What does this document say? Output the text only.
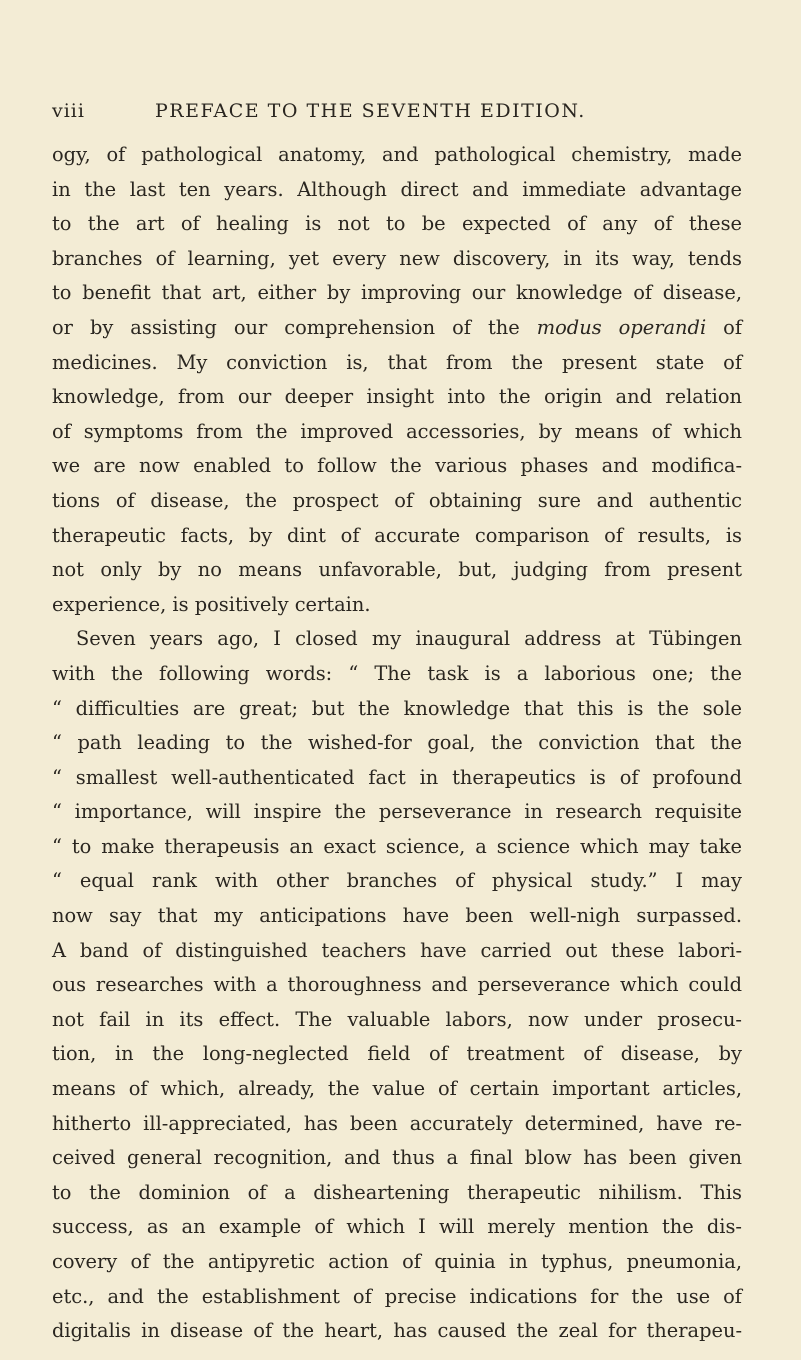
viii	PREFACE TO THE SEVENTH EDITION.
ogy, of pathological anatomy, and pathological chemistry, made
in the last ten years. Although direct and immediate advantage
to the art of healing is not to be expected of any of these
branches of learning, yet every new discovery, in its way, tends
to benefit that art, either by improving our knowledge of disease,
or by assisting our comprehension of the modus operandi of
medicines. My conviction is, that from the present state of
knowledge, from our deeper insight into the origin and relation
of symptoms from the improved accessories, by means of which
we are now enabled to follow the various phases and modifica-
tions of disease, the prospect of obtaining sure and authentic
therapeutic facts, by dint of accurate comparison of results, is
not only by no means unfavorable, but, judging from present
experience, is positively certain.
Seven years ago, I closed my inaugural address at Tübingen
with the following words: “ The task is a laborious one; the
“ difficulties are great; but the knowledge that this is the sole
“ path leading to the wished-for goal, the conviction that the
“ smallest well-authenticated fact in therapeutics is of profound
“ importance, will inspire the perseverance in research requisite
“ to make therapeusis an exact science, a science which may take
“ equal rank with other branches of physical study.” I may
now say that my anticipations have been well-nigh surpassed.
A band of distinguished teachers have carried out these labori-
ous researches with a thoroughness and perseverance which could
not fail in its effect. The valuable labors, now under prosecu-
tion, in the long-neglected field of treatment of disease, by
means of which, already, the value of certain important articles,
hitherto ill-appreciated, has been accurately determined, have re-
ceived general recognition, and thus a final blow has been given
to the dominion of a disheartening therapeutic nihilism. This
success, as an example of which I will merely mention the dis-
covery of the antipyretic action of quinia in typhus, pneumonia,
etc., and the establishment of precise indications for the use of
digitalis in disease of the heart, has caused the zeal for therapeu-
